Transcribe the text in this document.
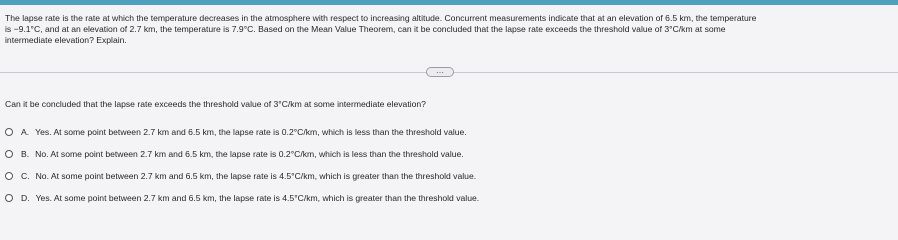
The lapse rate is the rate at which the temperature decreases in the atmosphere with respect to increasing altitude. Concurrent measurements indicate that at an elevation of 6.5 km, the temperature
is −9.1°C, and at an elevation of 2.7 km, the temperature is 7.9°C. Based on the Mean Value Theorem, can it be concluded that the lapse rate exceeds the threshold value of 3°C/km at some
intermediate elevation? Explain.
⋯
Can it be concluded that the lapse rate exceeds the threshold value of 3°C/km at some intermediate elevation?
A. Yes. At some point between 2.7 km and 6.5 km, the lapse rate is 0.2°C/km, which is less than the threshold value.
B. No. At some point between 2.7 km and 6.5 km, the lapse rate is 0.2°C/km, which is less than the threshold value.
C. No. At some point between 2.7 km and 6.5 km, the lapse rate is 4.5°C/km, which is greater than the threshold value.
D. Yes. At some point between 2.7 km and 6.5 km, the lapse rate is 4.5°C/km, which is greater than the threshold value.
